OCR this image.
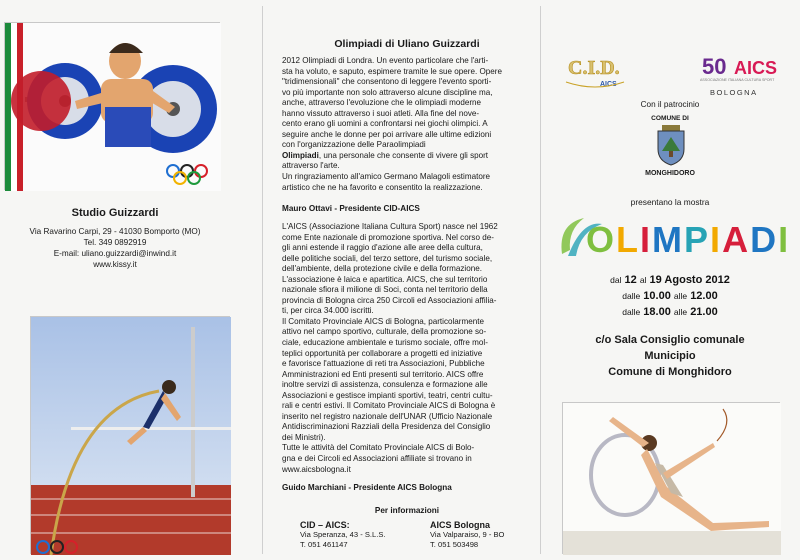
Studio Guizzardi
Via Ravarino Carpi, 29 - 41030 Bomporto (MO)
Tel. 349 0892919
E-mail: uliano.guizzardi@inwind.it
www.kissy.it
Olimpiadi di Uliano Guizzardi
2012 Olimpiadi di Londra. Un evento particolare che l'arti-
sta ha voluto, e saputo, espimere tramite le sue opere. Opere
"tridimensionali" che consentono di leggere l'evento sporti-
vo più importante non solo attraverso alcune discipline ma,
anche, attraverso l'evoluzione che le olimpiadi moderne
hanno vissuto attraverso i suoi atleti. Alla fine del nove-
cento erano gli uomini a confrontarsi nei giochi olimpici. A
seguire anche le donne per poi arrivare alle ultime edizioni
con l'organizzazione delle Paraolimpiadi
Olimpiadi, una personale che consente di vivere gli sport
attraverso l'arte.
Un ringraziamento all'amico Germano Malagoli estimatore
artistico che ne ha favorito e consentito la realizzazione.
Mauro Ottavi - Presidente CID-AICS
L'AICS (Associazione Italiana Cultura Sport) nasce nel 1962
come Ente nazionale di promozione sportiva. Nel corso de-
gli anni estende il raggio d'azione alle aree della cultura,
delle politiche sociali, del terzo settore, del turismo sociale,
dell'ambiente, della protezione civile e della formazione.
L'associazione è laica e apartitica. AICS, che sul territorio
nazionale sfiora il milione di Soci, conta nel territorio della
provincia di Bologna circa 250 Circoli ed Associazioni affilia-
ti, per circa 34.000 iscritti.
Il Comitato Provinciale AICS di Bologna, particolarmente
attivo nel campo sportivo, culturale, della promozione so-
ciale, educazione ambientale e turismo sociale, offre mol-
teplici opportunità per collaborare a progetti ed iniziative
e favorisce l'attuazione di reti tra Associazioni, Pubbliche
Amministrazioni ed Enti presenti sul territorio. AICS offre
inoltre servizi di assistenza, consulenza e formazione alle
Associazioni e gestisce impianti sportivi, teatri, centri cultu-
rali e centri estivi. Il Comitato Provinciale AICS di Bologna è
inserito nel registro nazionale dell'UNAR (Ufficio Nazionale
Antidiscriminazioni Razziali della Presidenza del Consiglio
dei Ministri).
Tutte le attività del Comitato Provinciale AICS di Bolo-
gna e dei Circoli ed Associazioni affiliate si trovano in
www.aicsbologna.it
Guido Marchiani - Presidente AICS Bologna
Per informazioni
CID – AICS:
Via Speranza, 43 - S.L.S.
T. 051 461147
AICS Bologna
Via Valparaiso, 9 - BO
T. 051 503498
C.I.D.
AICS
50 AICS
ASSOCIAZIONE ITALIANA CULTURA SPORT
BOLOGNA
Con il patrocinio
COMUNE DI
MONGHIDORO
presentano la mostra
OLIMPIADI
dal 12 al 19 Agosto 2012
dalle 10.00 alle 12.00
dalle 18.00 alle 21.00
c/o Sala Consiglio comunale
Municipio
Comune di Monghidoro
